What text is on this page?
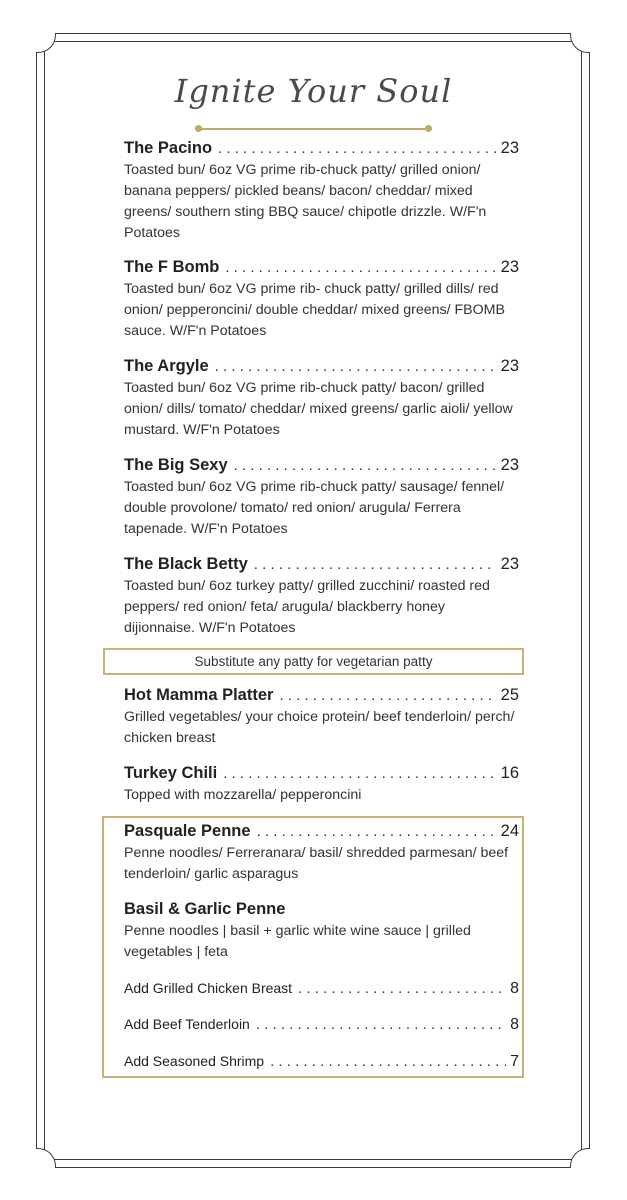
Ignite Your Soul
The Pacino . . .	23
Toasted bun/ 6oz VG prime rib-chuck patty/ grilled onion/ banana peppers/ pickled beans/ bacon/ cheddar/ mixed greens/ southern sting BBQ sauce/ chipotle drizzle. W/F'n Potatoes
The F Bomb . . .	23
Toasted bun/ 6oz VG prime rib- chuck patty/ grilled dills/ red onion/ pepperoncini/ double cheddar/ mixed greens/ FBOMB sauce. W/F'n Potatoes
The Argyle . . .	23
Toasted bun/ 6oz VG prime rib-chuck patty/ bacon/ grilled onion/ dills/ tomato/ cheddar/ mixed greens/ garlic aioli/ yellow mustard. W/F'n Potatoes
The Big Sexy . . .	23
Toasted bun/ 6oz VG prime rib-chuck patty/ sausage/ fennel/ double provolone/ tomato/ red onion/ arugula/ Ferrera tapenade. W/F'n Potatoes
The Black Betty . . .	23
Toasted bun/ 6oz turkey patty/ grilled zucchini/ roasted red peppers/ red onion/ feta/ arugula/ blackberry honey dijionnaise. W/F'n Potatoes
Substitute any patty for vegetarian patty
Hot Mamma Platter . . .	25
Grilled vegetables/ your choice protein/ beef tenderloin/ perch/ chicken breast
Turkey Chili . . .	16
Topped with mozzarella/ pepperoncini
Pasquale Penne . . .	24
Penne noodles/ Ferreranara/ basil/ shredded parmesan/ beef tenderloin/ garlic asparagus
Basil & Garlic Penne
Penne noodles | basil + garlic white wine sauce | grilled vegetables | feta
Add Grilled Chicken Breast . . .	8
Add Beef Tenderloin . . .	8
Add Seasoned Shrimp . . .	7
